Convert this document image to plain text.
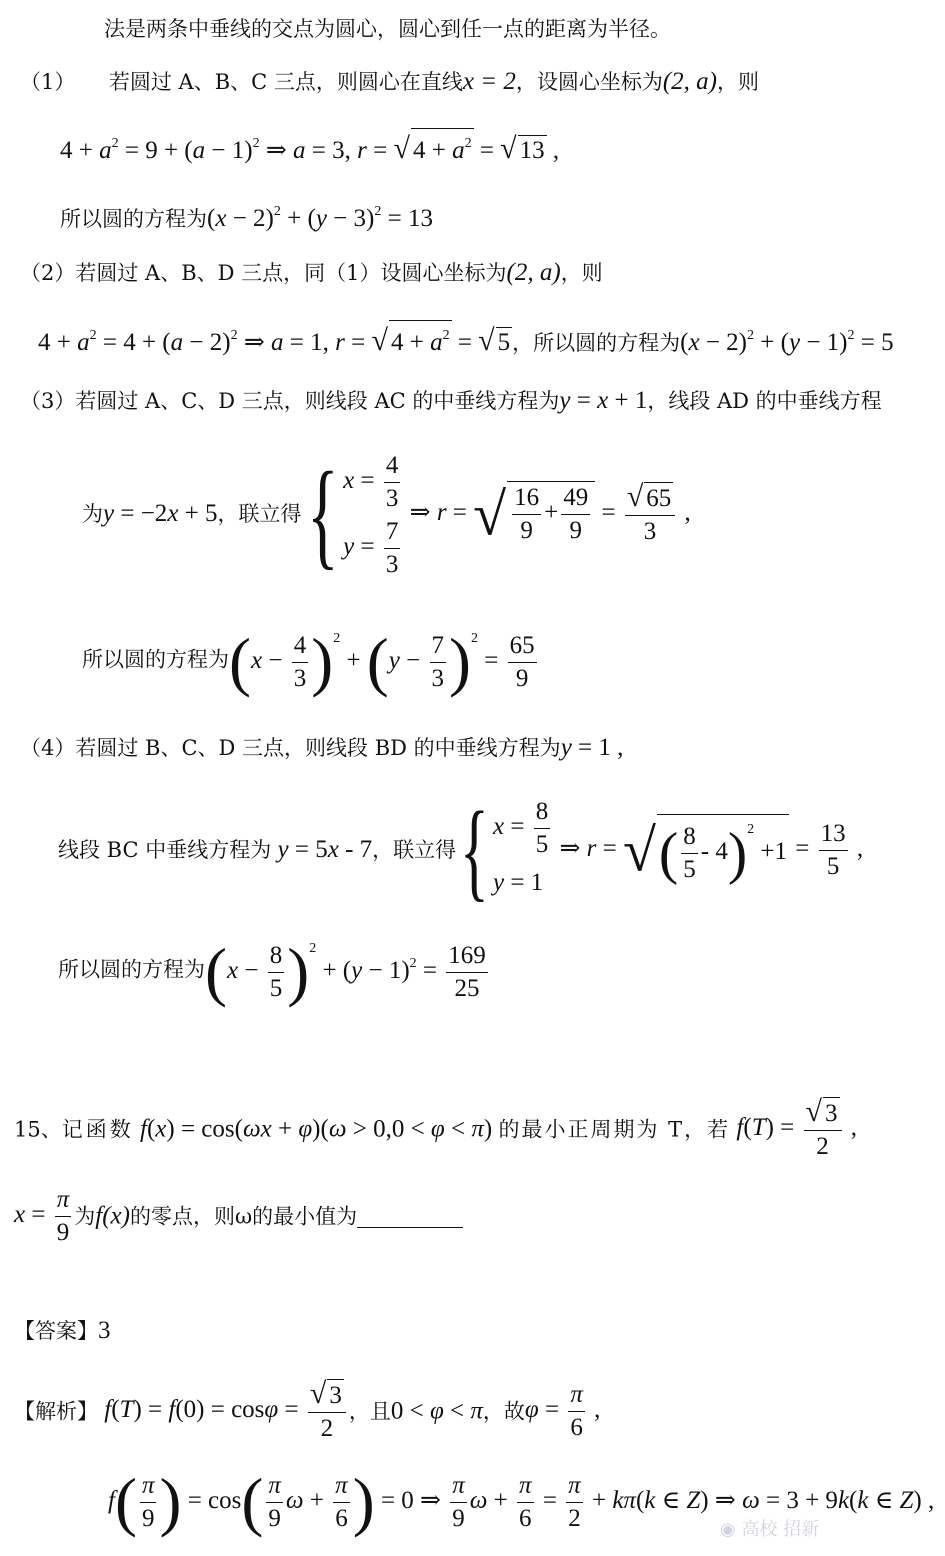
法是两条中垂线的交点为圆心，圆心到任一点的距离为半径。
（1） 若圆过 A、B、C 三点，则圆心在直线x = 2，设圆心坐标为(2, a)，则
$4 + a^2 = 9 + (a - 1)^2$ ⇒ a = 3, r = √ $4 + a^2$ = √ 13 ,
所以圆的方程为$(x - 2)^2 + (y - 3)^2 = 13$
（2）若圆过 A、B、D 三点，同（1）设圆心坐标为(2, a)，则
$4 + a^2 = 4 + (a - 2)^2$ ⇒ a = 1, r = √ $4 + a^2$ = √ 5，所以圆的方程为$(x - 2)^2 + (y - 1)^2 = 5$
（3）若圆过 A、C、D 三点，则线段 AC 的中垂线方程为y = x + 1，线段 AD 的中垂线方程
为y = −2x + 5，联立得{ $x = \frac{4}{3}$
$y = \frac{7}{3}$
⇒ r = √ $\frac{16}{9} + \frac{49}{9} = \frac{√ 65}{3}$ ,
所以圆的方程为$(x - \frac{4}{3} )^2 + (y - \frac{7}{3} )^2 = \frac{65}{9}$
（4）若圆过 B、C、D 三点，则线段 BD 的中垂线方程为y = 1 ,
线段 BC 中垂线方程为 y = 5x - 7，联立得{ $x = \frac{8}{5}$
y = 1
⇒ r = √( $\frac{8}{5} - 4)^2 +1 = \frac{13}{5}$ ,
所以圆的方程为$(x - \frac{8}{5} )^2 + (y - 1)^2 = \frac{169}{25}$
15、记函数 f(x) = cos(ωx + φ)(ω > 0,0 < φ < π) 的最小正周期为 T，若 $f(T) = \frac{√ 3}{2}$ ,
$x = \frac{\pi}{9}$ 为f(x)的零点，则ω的最小值为
【答案】3
【解析】 $f(T) = f(0) = \cos\varphi = \frac{√ 3}{2}$ ，且0 < φ < π，故$\varphi = \frac{\pi}{6}$ ,
$f( \frac{\pi}{9}$ ) = $\cos( \frac{\pi}{9}$ $\omega + \frac{\pi}{6}$ ) = 0 ⇒ $\frac{\pi}{9}$ $\omega + \frac{\pi}{6} = \frac{\pi}{2} + k\pi(k$ ∈ Z) ⇒ ω = 3 + 9k(k ∈ Z) ,
◉ 高校 招新
